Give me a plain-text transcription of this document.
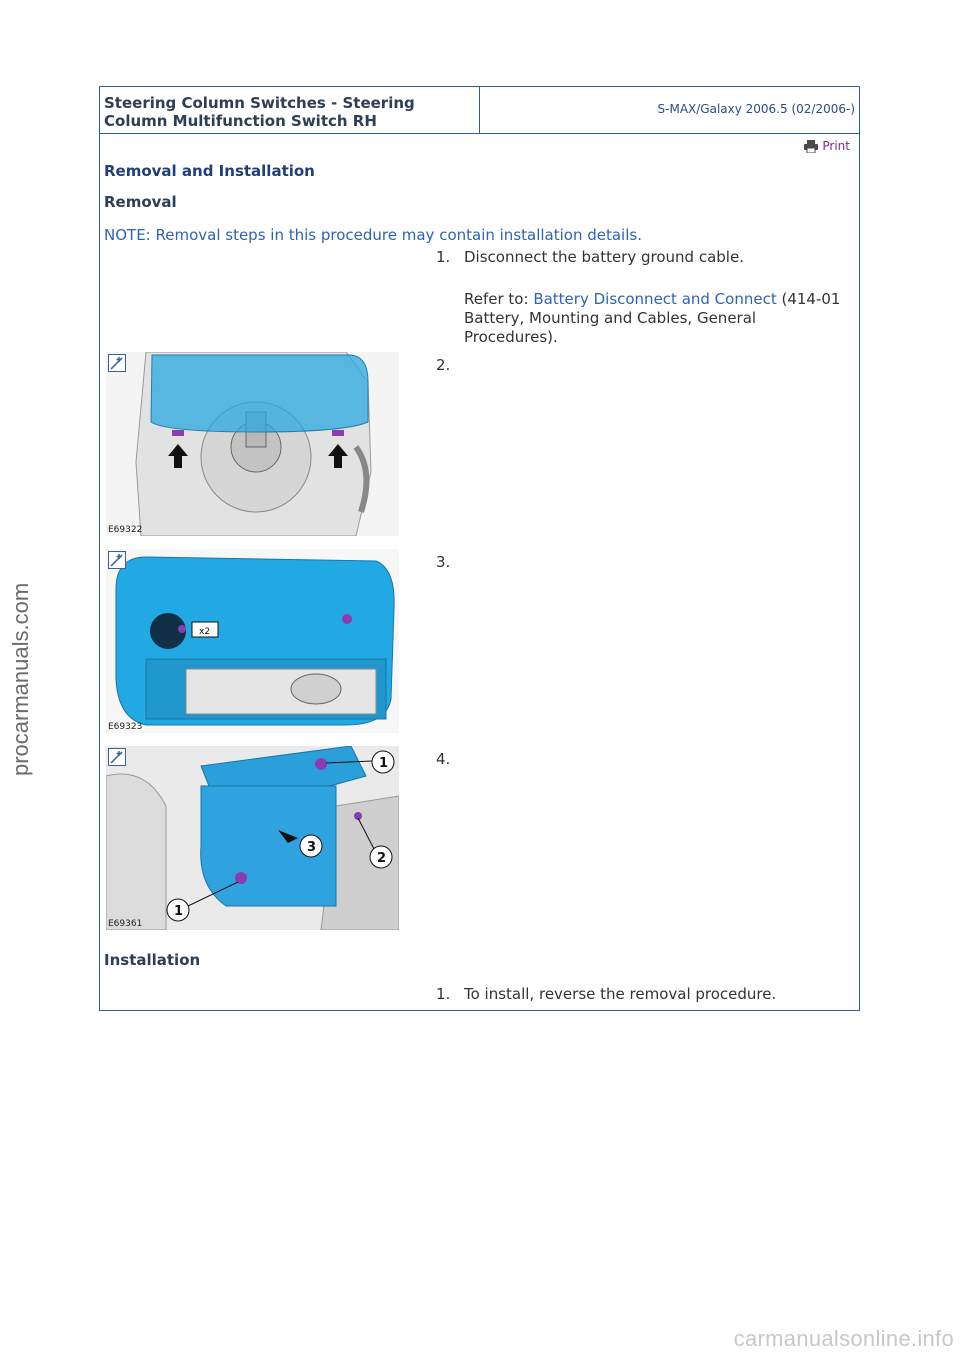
procarmanuals.com
Steering Column Switches - Steering Column Multifunction Switch RH
S-MAX/Galaxy 2006.5 (02/2006-)
Print
Removal and Installation
Removal
NOTE: Removal steps in this procedure may contain installation details.
1. Disconnect the battery ground cable.
Refer to: Battery Disconnect and Connect (414-01 Battery, Mounting and Cables, General Procedures).
2.
E69322
3.
x2
E69323
4.
1
2
3
1
E69361
Installation
1. To install, reverse the removal procedure.
carmanualsonline.info
